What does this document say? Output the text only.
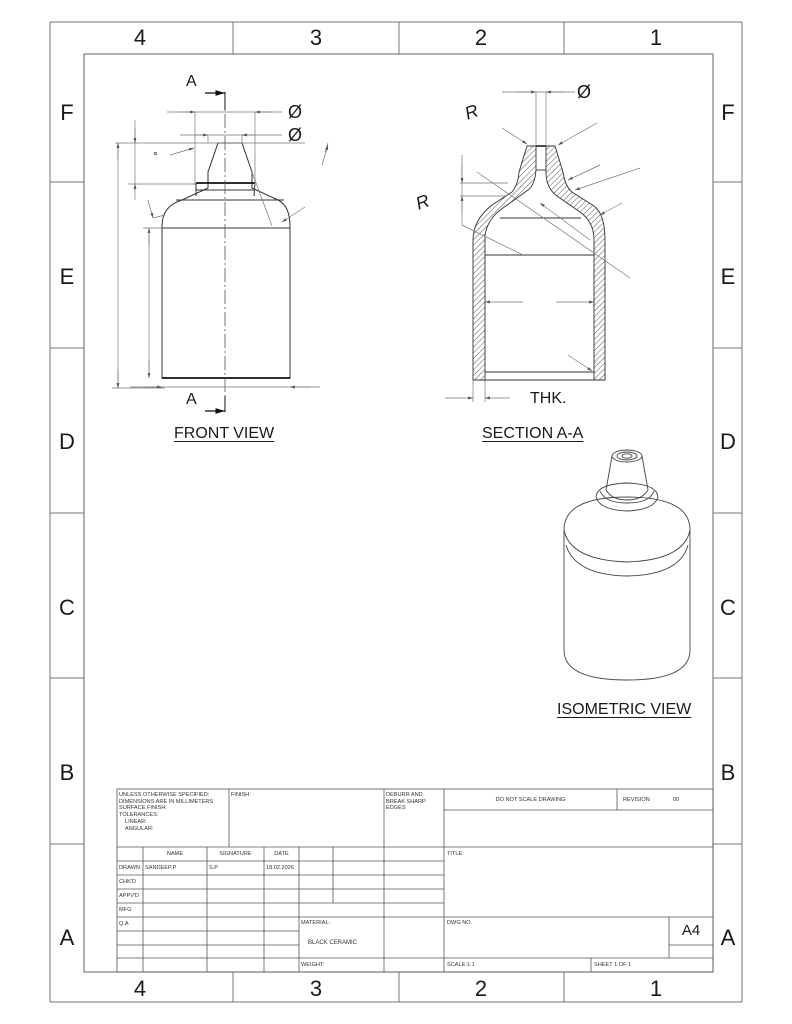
4	3	2	1
4	3	2	1
F
E
D
C
B
A
F
E
D
C
B
A
A
A
Ø
Ø
°
FRONT VIEW
Ø
R
R
THK.
SECTION A-A
ISOMETRIC VIEW
UNLESS OTHERWISE SPECIFIED:
DIMENSIONS ARE IN MILLIMETERS
SURFACE FINISH:
TOLERANCES:
LINEAR:
ANGULAR:
FINISH:	DEBURR AND
BREAK SHARP
EDGES
DO NOT SCALE DRAWING	REVISION	00
NAME	SIGNATURE	DATE
DRAWN SANDEEP.P	S.P	18.02.2026
CHK'D
APPV'D
MFG
Q.A	MATERIAL:
BLACK CERAMIC
WEIGHT:
TITLE:
DWG NO.	A4
SCALE:1:1	SHEET 1 OF 1
